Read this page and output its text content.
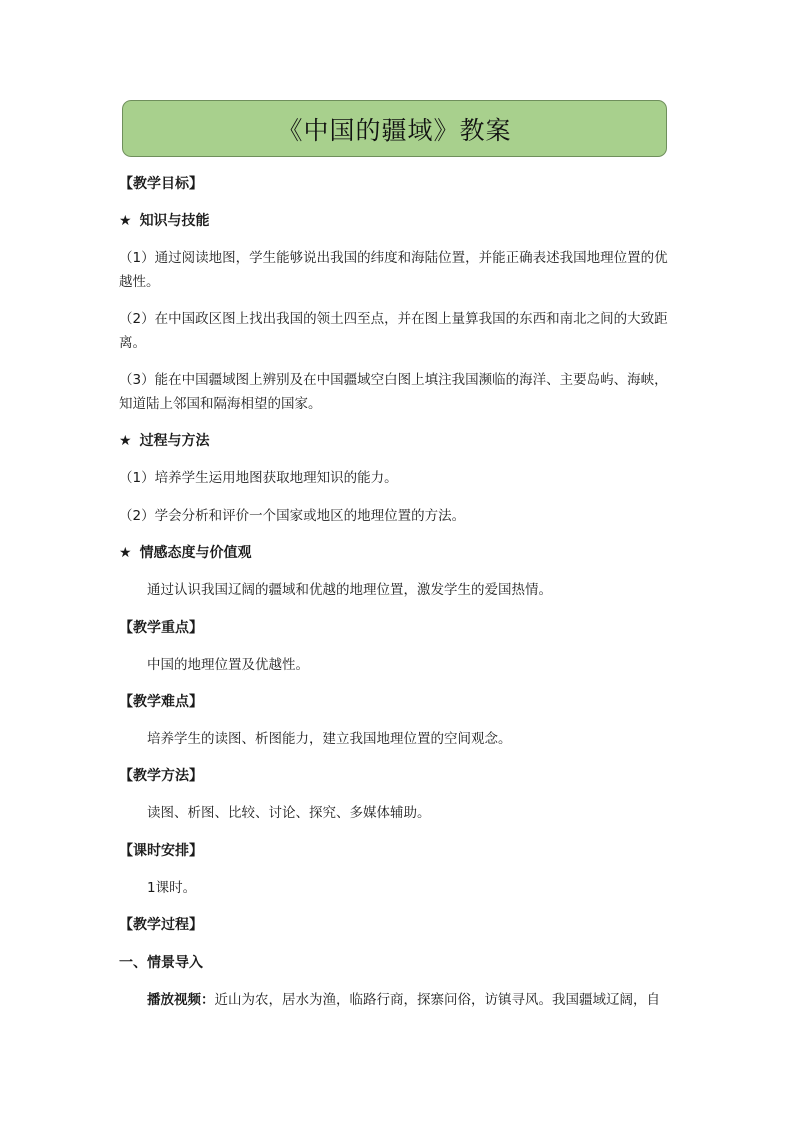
《中国的疆域》教案
【教学目标】
★ 知识与技能
（1）通过阅读地图，学生能够说出我国的纬度和海陆位置，并能正确表述我国地理位置的优越性。
（2）在中国政区图上找出我国的领土四至点，并在图上量算我国的东西和南北之间的大致距离。
（3）能在中国疆域图上辨别及在中国疆域空白图上填注我国濒临的海洋、主要岛屿、海峡，知道陆上邻国和隔海相望的国家。
★ 过程与方法
（1）培养学生运用地图获取地理知识的能力。
（2）学会分析和评价一个国家或地区的地理位置的方法。
★ 情感态度与价值观
通过认识我国辽阔的疆域和优越的地理位置，激发学生的爱国热情。
【教学重点】
中国的地理位置及优越性。
【教学难点】
培养学生的读图、析图能力，建立我国地理位置的空间观念。
【教学方法】
读图、析图、比较、讨论、探究、多媒体辅助。
【课时安排】
1课时。
【教学过程】
一、情景导入
播放视频：近山为农，居水为渔，临路行商，探寨问俗，访镇寻风。我国疆域辽阔，自
